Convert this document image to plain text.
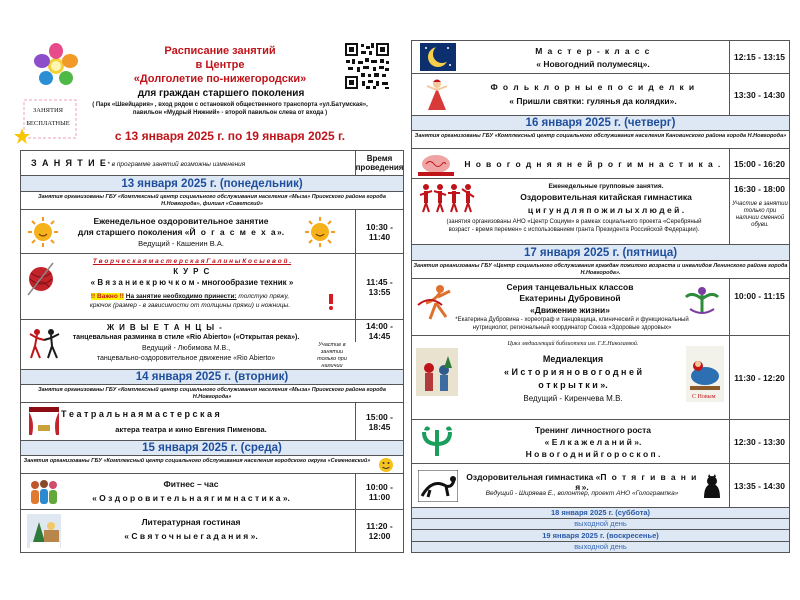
Расписание занятий
в Центре
«Долголетие по-нижегородски»
для граждан старшего поколения
( Парк «Швейцария» , вход рядом с остановкой общественного транспорта «ул.Батумская»,
павильон «Мудрый Нижний» - второй павильон слева от входа )
ЗАНЯТИЯ
БЕСПЛАТНЫЕ
с 13 января 2025 г. по 19 января 2025 г.
З А Н Я Т И Е* в программе занятий возможны изменения
Время проведения
13 января 2025 г. (понедельник)
Занятия организованы ГБУ «Комплексный центр социального обслуживания населения «Мыза» Приокского района города Н.Новгорода», филиал «Советский»
Еженедельное оздоровительное занятие
для старшего поколения «Й о г а с м е х а».
Ведущий - Кашенин В.А.
10:30 - 11:40
Т в о р ч е с к а я м а с т е р с к а я Г а л и н ы К о с ы е в о й .
К У Р С
« В я з а н и е к р ю ч к о м - многообразие техник »
!! Важно !! На занятие необходимо принести: толстую пряжу,
крючок (размер - в зависимости от толщины пряжи) и ножницы.
11:45 - 13:55
Ж И В Ы Е Т А Н Ц Ы -
танцевальная разминка в стиле «Rio Abierto» («Открытая река»).
Ведущий - Любимова М.В.,
танцевально-оздоровительное движение «Rio Abierto»
Участие в занятии только при наличии
14:00 - 14:45
14 января 2025 г. (вторник)
Занятия организованы ГБУ «Комплексный центр социального обслуживания населения «Мыза» Приокского района города Н.Новгорода»
Т е а т р а л ь н а я м а с т е р с к а я
актера театра и кино Евгения Пименова.
15:00 - 18:45
15 января 2025 г. (среда)
Занятия организованы ГБУ «Комплексный центр социального обслуживания населения городского округа «Семеновский»
Фитнес – час
« О з д о р о в и т е л ь н а я г и м н а с т и к а ».
10:00 - 11:00
Литературная гостиная
« С в я т о ч н ы е г а д а н и я ».
11:20 - 12:00
М а с т е р - к л а с с
« Новогодний полумесяц».
12:15 - 13:15
Ф о л ь к л о р н ы е п о с и д е л к и
« Пришли святки: гулянья да колядки».
13:30 - 14:30
16 января 2025 г. (четверг)
Занятия организованы ГБУ «Комплексный центр социального обслуживания населения Кановинского района города Н.Новгорода»
Н о в о г о д н я я н е й р о г и м н а с т и к а .	15:00 - 16:20
Еженедельные групповые занятия.
Оздоровительная китайская гимнастика
ц и г у н д л я п о ж и л ы х л ю д е й .
(занятия организованы АНО «Центр Социум» в рамках социального проекта «Серебряный
возраст - время перемен» с использованием гранта Президента Российской Федерации).
16:30 - 18:00
Участие в занятии только при наличии сменной обуви.
17 января 2025 г. (пятница)
Занятия организованы ГБУ «Центр социального обслуживания граждан пожилого возраста и инвалидов Ленинского района города Н.Новгорода».
Серия танцевальных классов
Екатерины Дубровиной
«Движение жизни»
*Екатерина Дубровина - хореограф и танцовщица, клинический и функциональный
нутрициолог, региональный координатор Союза «Здоровые здоровых»
10:00 - 11:15
С Новым
Цикл медиалекций библиотеки им. Г.Е.Николаевой.
Медиалекция
« И с т о р и я н о в о г о д н е й
о т к р ы т к и ».
Ведущий - Киренчева М.В.
11:30 - 12:20
Тренинг личностного роста
« Е л к а ж е л а н и й ».
Н о в о г о д н и й г о р о с к о п .
12:30 - 13:30
Оздоровительная гимнастика «П о т я г и в а н и я».
Ведущий - Ширяева Е., волонтер, проект АНО «Гологрампка»
13:35 - 14:30
18 января 2025 г. (суббота)
выходной день
19 января 2025 г. (воскресенье)
выходной день
